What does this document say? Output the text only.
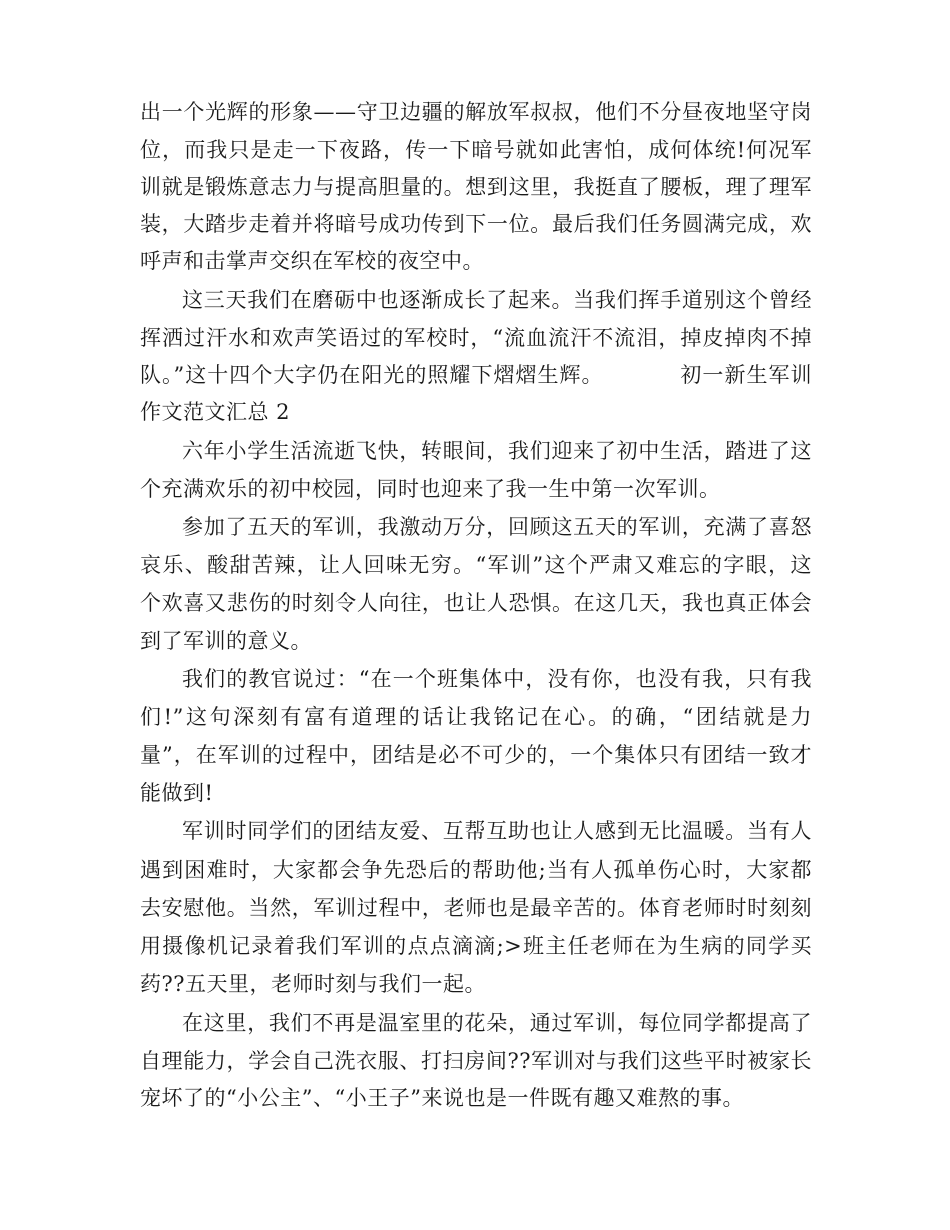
出一个光辉的形象——守卫边疆的解放军叔叔，他们不分昼夜地坚守岗
位，而我只是走一下夜路，传一下暗号就如此害怕，成何体统!何况军
训就是锻炼意志力与提高胆量的。想到这里，我挺直了腰板，理了理军
装，大踏步走着并将暗号成功传到下一位。最后我们任务圆满完成，欢
呼声和击掌声交织在军校的夜空中。
这三天我们在磨砺中也逐渐成长了起来。当我们挥手道别这个曾经
挥洒过汗水和欢声笑语过的军校时，“流血流汗不流泪，掉皮掉肉不掉
队。”这十四个大字仍在阳光的照耀下熠熠生辉。          初一新生军训
作文范文汇总 2
六年小学生活流逝飞快，转眼间，我们迎来了初中生活，踏进了这
个充满欢乐的初中校园，同时也迎来了我一生中第一次军训。
参加了五天的军训，我激动万分，回顾这五天的军训，充满了喜怒
哀乐、酸甜苦辣，让人回味无穷。“军训”这个严肃又难忘的字眼，这
个欢喜又悲伤的时刻令人向往，也让人恐惧。在这几天，我也真正体会
到了军训的意义。
我们的教官说过：“在一个班集体中，没有你，也没有我，只有我
们!”这句深刻有富有道理的话让我铭记在心。的确，“团结就是力
量”，在军训的过程中，团结是必不可少的，一个集体只有团结一致才
能做到!
军训时同学们的团结友爱、互帮互助也让人感到无比温暖。当有人
遇到困难时，大家都会争先恐后的帮助他;当有人孤单伤心时，大家都
去安慰他。当然，军训过程中，老师也是最辛苦的。体育老师时时刻刻
用摄像机记录着我们军训的点点滴滴;>班主任老师在为生病的同学买
药??五天里，老师时刻与我们一起。
在这里，我们不再是温室里的花朵，通过军训，每位同学都提高了
自理能力，学会自己洗衣服、打扫房间??军训对与我们这些平时被家长
宠坏了的“小公主”、“小王子”来说也是一件既有趣又难熬的事。
